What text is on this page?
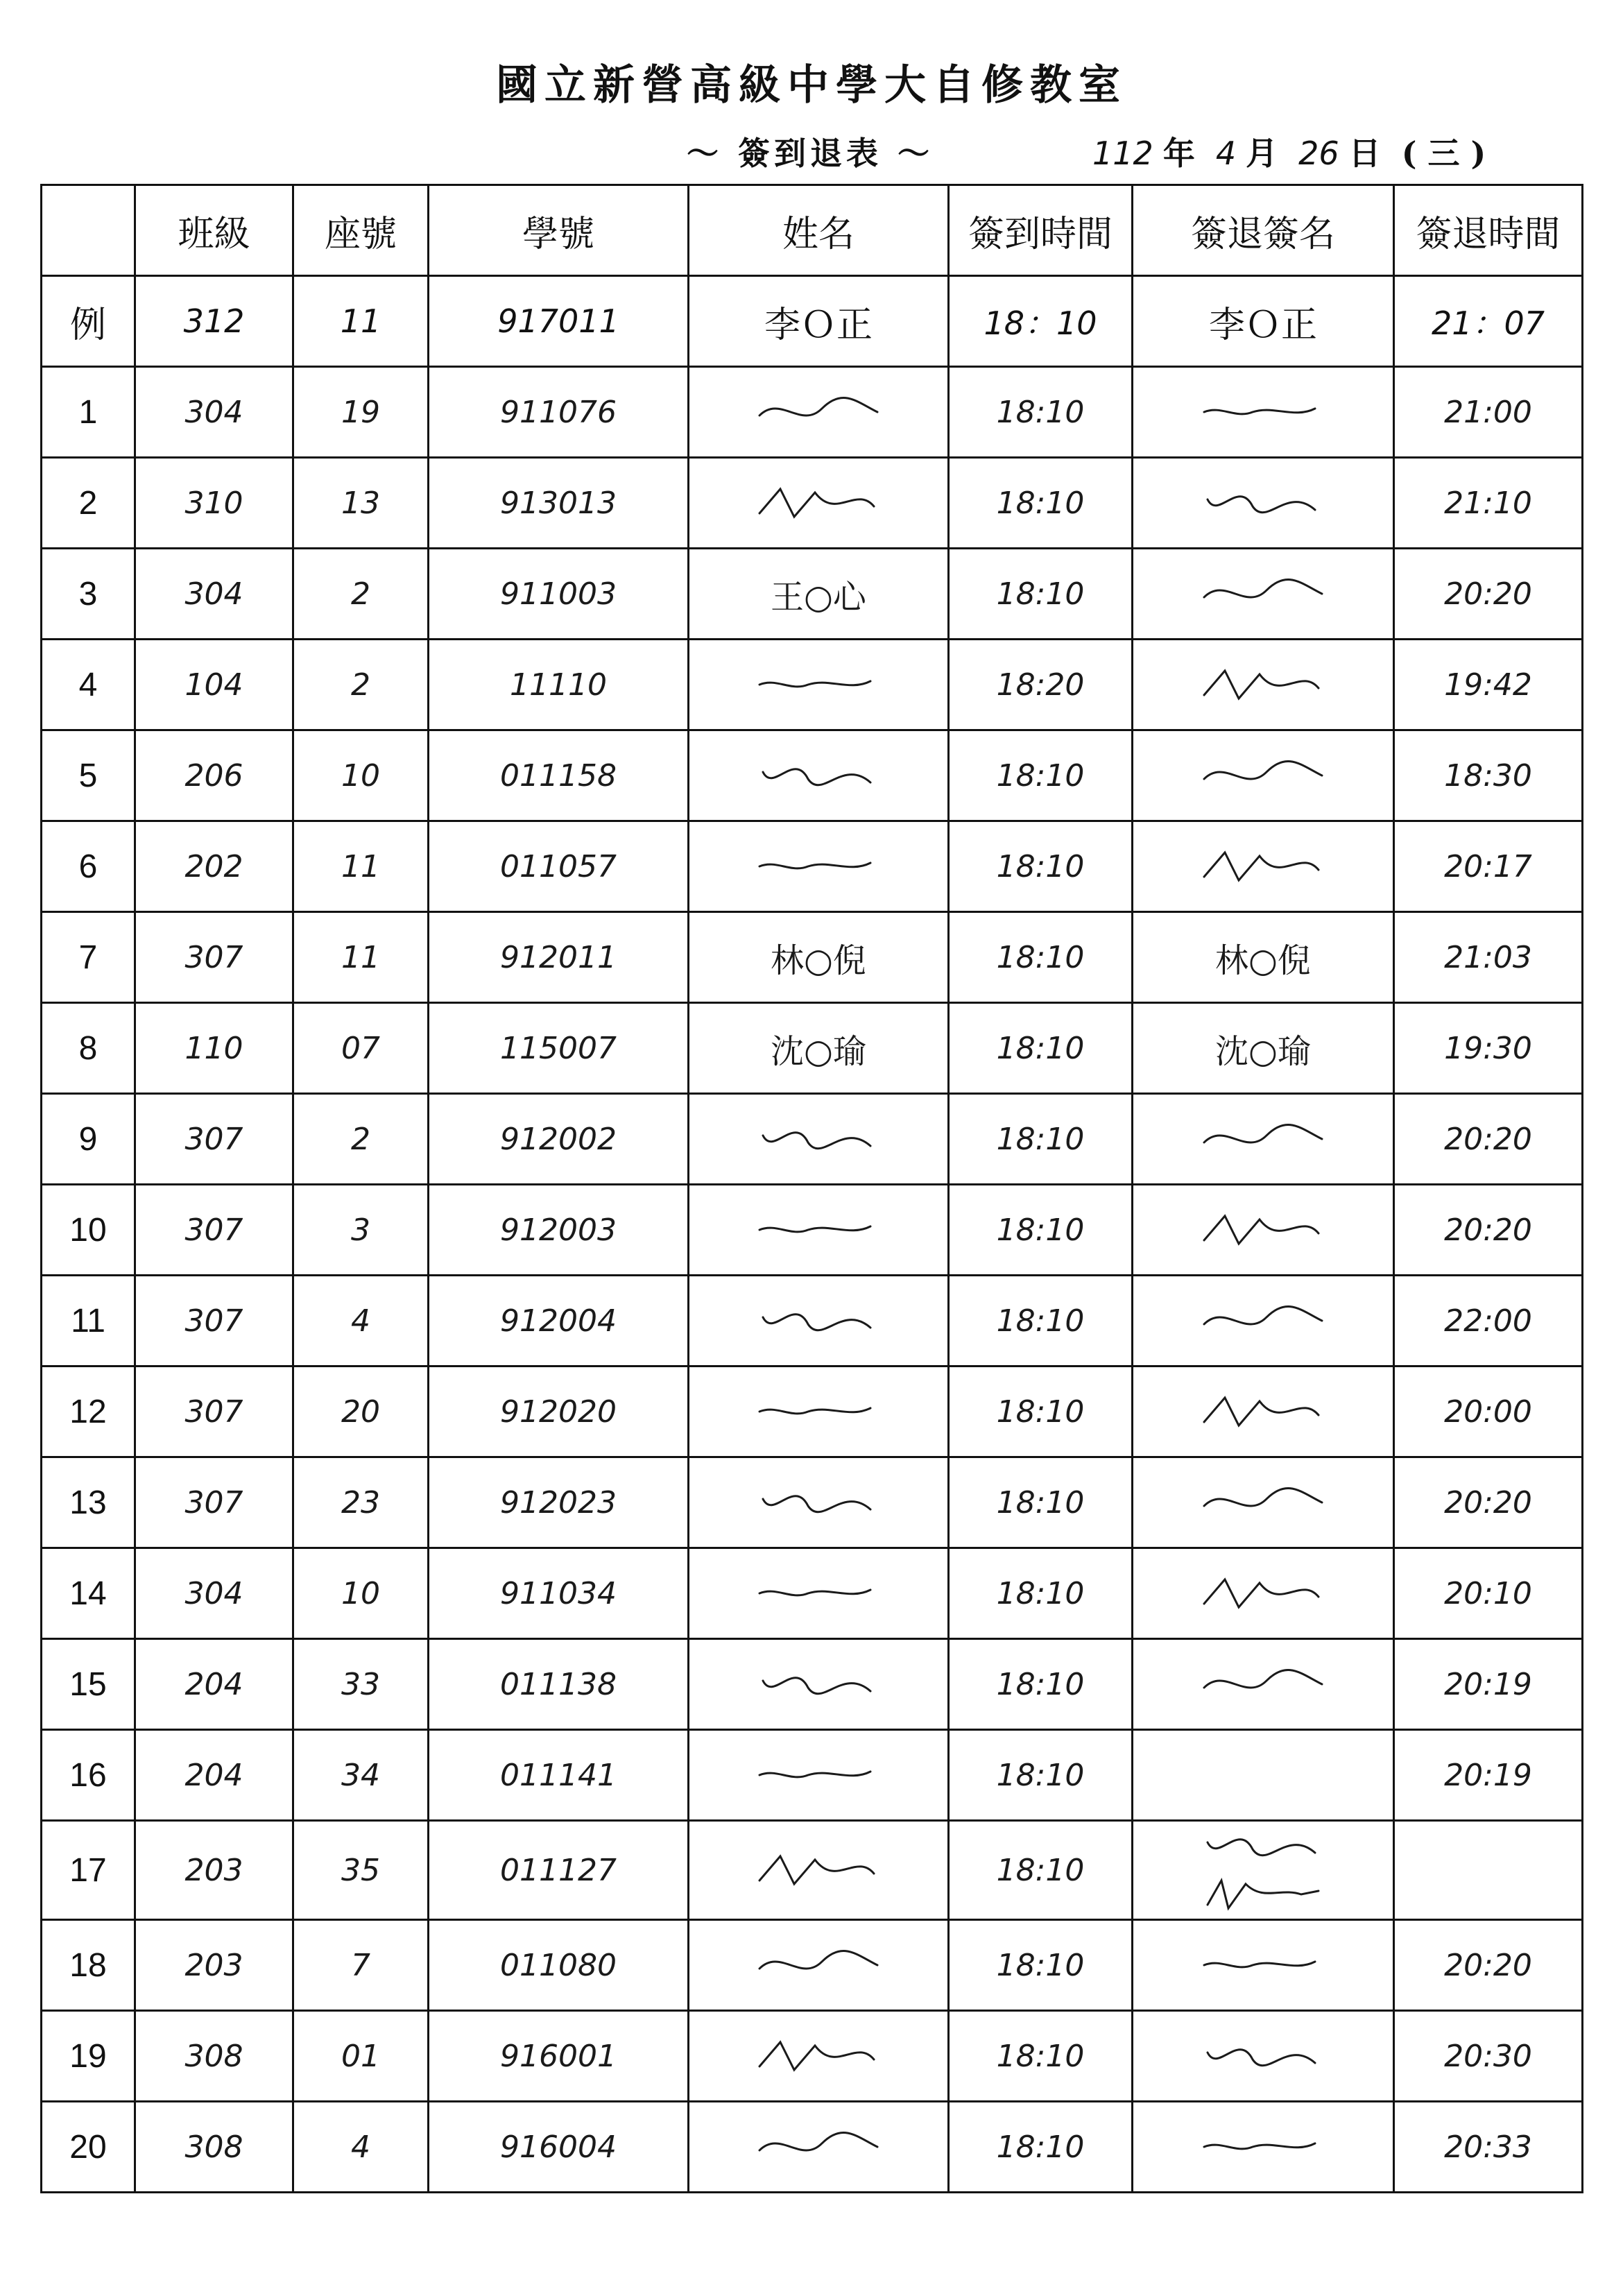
國立新營高級中學大自修教室
～ 簽到退表 ～	112 年 4 月 26 日 ( 三 )
	班級	座號	學號	姓名	簽到時間	簽退簽名	簽退時間
例	312	11	917011	李Ｏ正	18：10	李Ｏ正	21：07
1	304	19	911076		18:10		21:00
2	310	13	913013		18:10		21:10
3	304	2	911003	王○心	18:10		20:20
4	104	2	11110		18:20		19:42
5	206	10	011158		18:10		18:30
6	202	11	011057		18:10		20:17
7	307	11	912011	林○倪	18:10	林○倪	21:03
8	110	07	115007	沈○瑜	18:10	沈○瑜	19:30
9	307	2	912002		18:10		20:20
10	307	3	912003		18:10		20:20
11	307	4	912004		18:10		22:00
12	307	20	912020		18:10		20:00
13	307	23	912023		18:10		20:20
14	304	10	911034		18:10		20:10
15	204	33	011138		18:10		20:19
16	204	34	011141		18:10		20:19
17	203	35	011127		18:10	

18	203	7	011080		18:10		20:20
19	308	01	916001		18:10		20:30
20	308	4	916004		18:10		20:33
